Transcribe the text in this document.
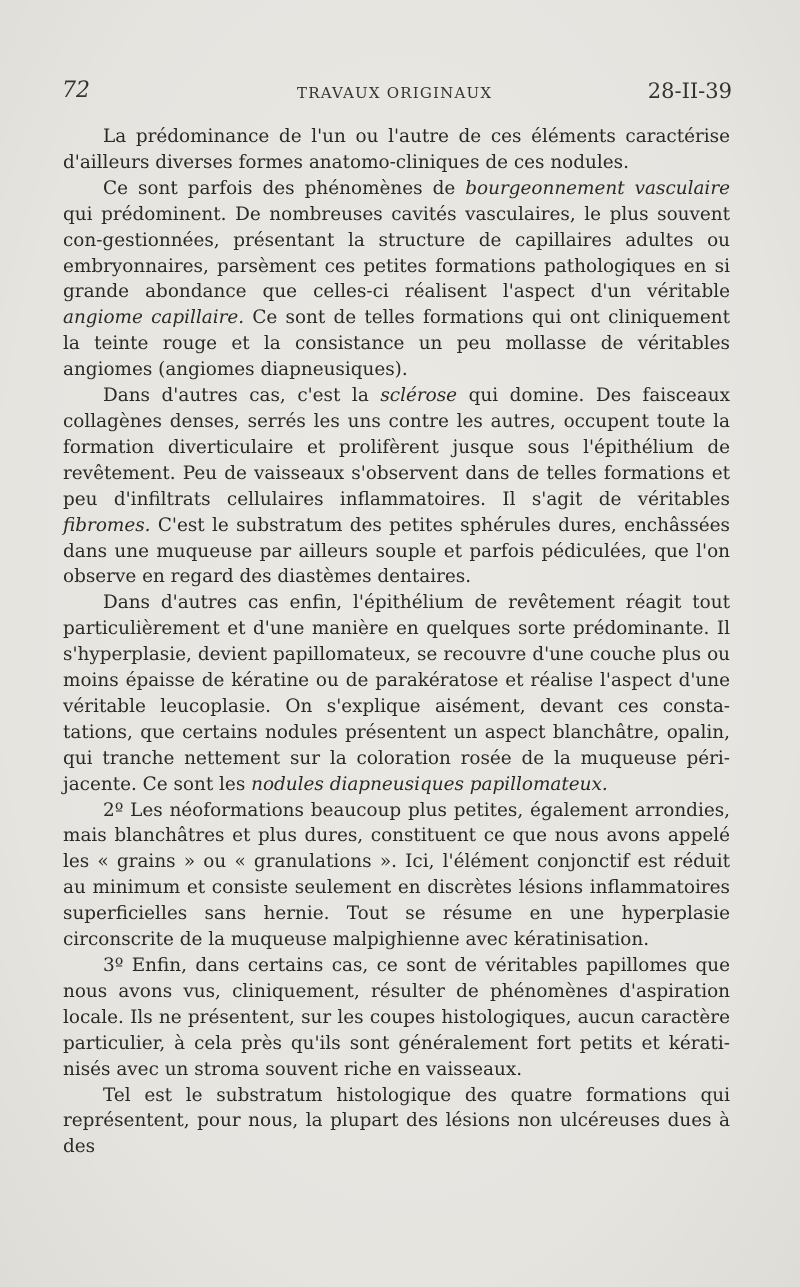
72	TRAVAUX ORIGINAUX	28-II-39

La prédominance de l'un ou l'autre de ces éléments caractérise d'ailleurs diverses formes anatomo-cliniques de ces nodules.

Ce sont parfois des phénomènes de bourgeonnement vasculaire qui prédominent. De nombreuses cavités vasculaires, le plus souvent con-gestionnées, présentant la structure de capillaires adultes ou embryonnaires, parsèment ces petites formations pathologiques en si grande abondance que celles-ci réalisent l'aspect d'un véritable angiome capillaire. Ce sont de telles formations qui ont cliniquement la teinte rouge et la consistance un peu mollasse de véritables angiomes (angiomes diapneusiques).

Dans d'autres cas, c'est la sclérose qui domine. Des faisceaux collagènes denses, serrés les uns contre les autres, occupent toute la formation diverticulaire et prolifèrent jusque sous l'épithélium de revêtement. Peu de vaisseaux s'observent dans de telles formations et peu d'infiltrats cellulaires inflammatoires. Il s'agit de véritables fibromes. C'est le substratum des petites sphérules dures, enchâssées dans une muqueuse par ailleurs souple et parfois pédiculées, que l'on observe en regard des diastèmes dentaires.

Dans d'autres cas enfin, l'épithélium de revêtement réagit tout particulièrement et d'une manière en quelques sorte prédominante. Il s'hyperplasie, devient papillomateux, se recouvre d'une couche plus ou moins épaisse de kératine ou de parakératose et réalise l'aspect d'une véritable leucoplasie. On s'explique aisément, devant ces constatations, que certains nodules présentent un aspect blanchâtre, opalin, qui tranche nettement sur la coloration rosée de la muqueuse périjacente. Ce sont les nodules diapneusiques papillomateux.

2º Les néoformations beaucoup plus petites, également arrondies, mais blanchâtres et plus dures, constituent ce que nous avons appelé les « grains » ou « granulations ». Ici, l'élément conjonctif est réduit au minimum et consiste seulement en discrètes lésions inflammatoires superficielles sans hernie. Tout se résume en une hyperplasie circonscrite de la muqueuse malpighienne avec kératinisation.

3º Enfin, dans certains cas, ce sont de véritables papillomes que nous avons vus, cliniquement, résulter de phénomènes d'aspiration locale. Ils ne présentent, sur les coupes histologiques, aucun caractère particulier, à cela près qu'ils sont généralement fort petits et kératinisés avec un stroma souvent riche en vaisseaux.

Tel est le substratum histologique des quatre formations qui représentent, pour nous, la plupart des lésions non ulcéreuses dues à des
